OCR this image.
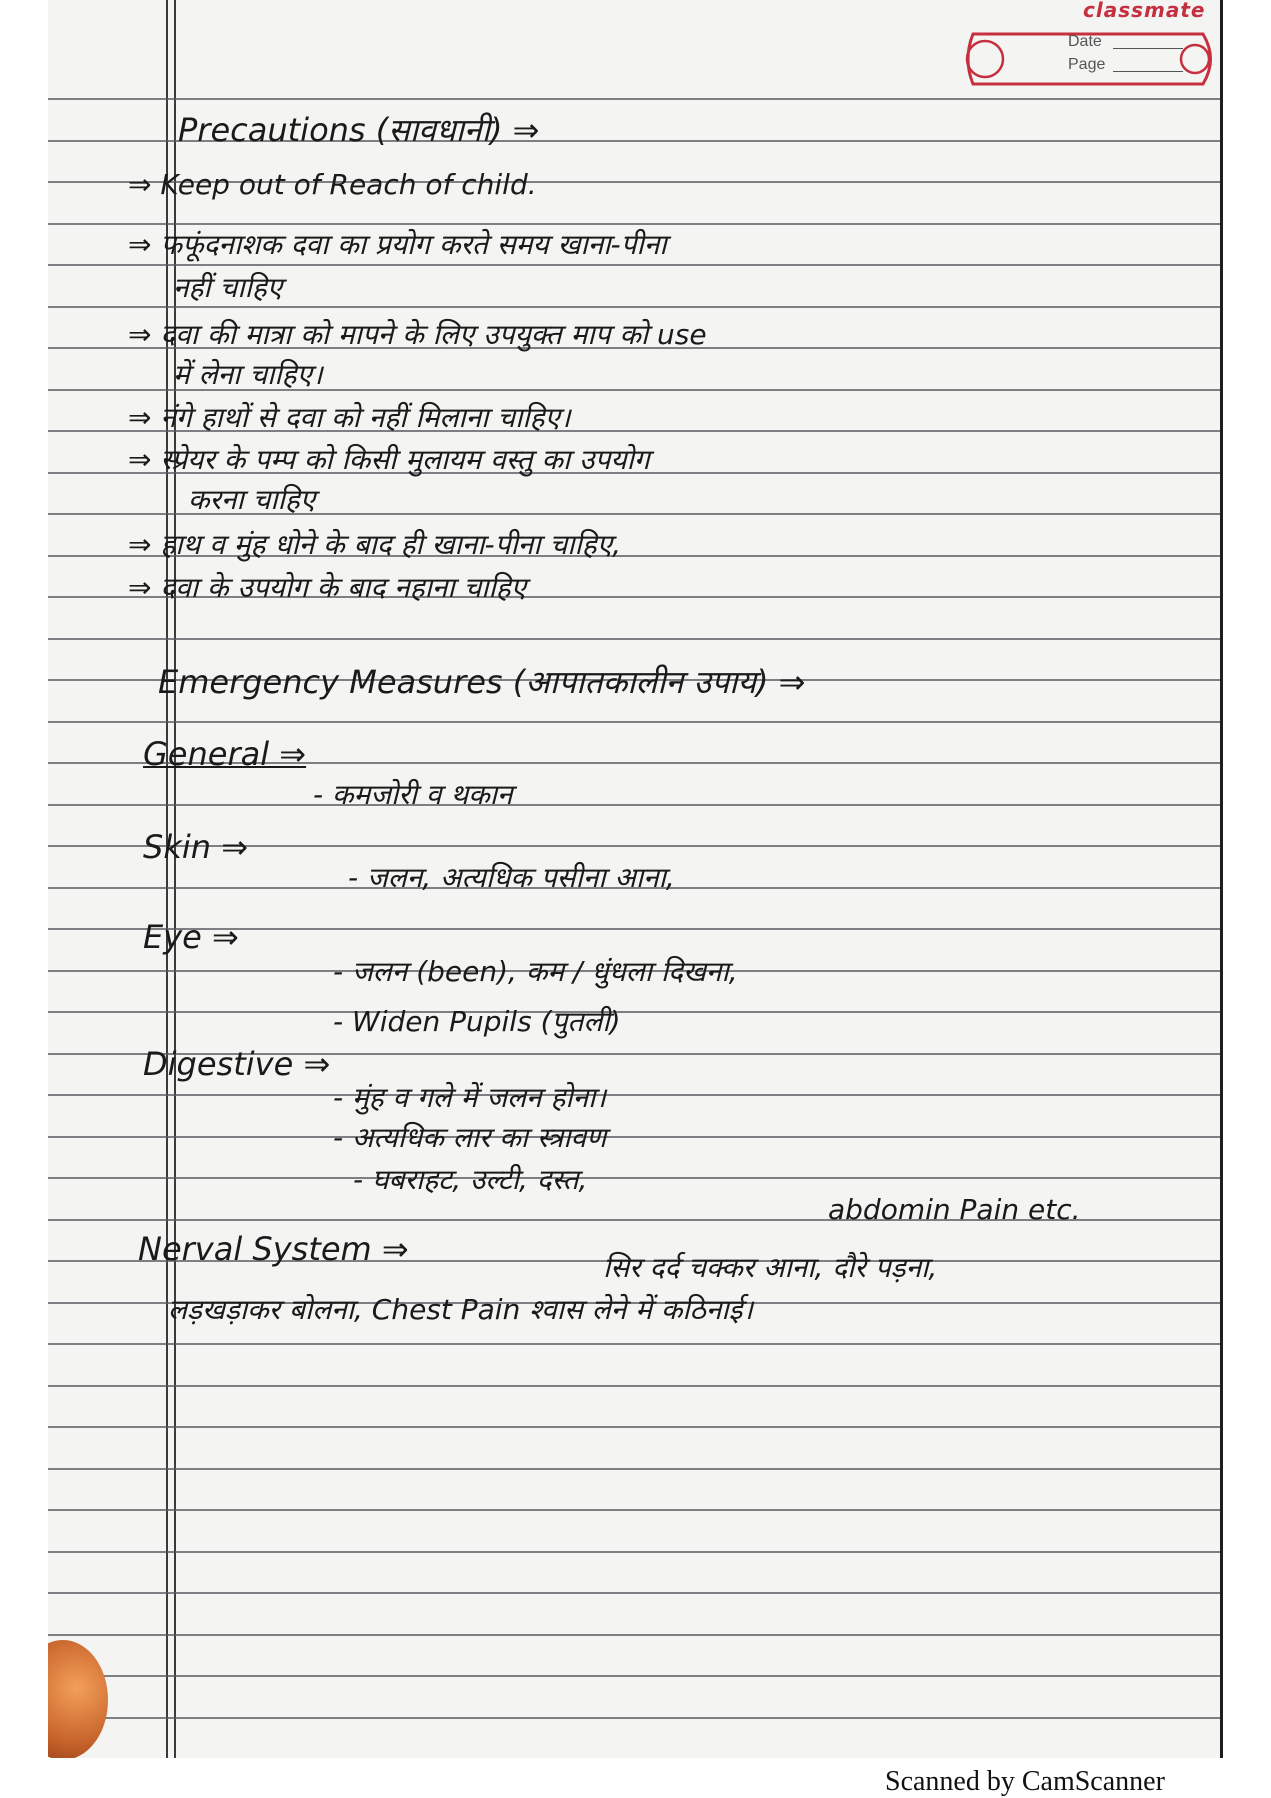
classmate
Date
Page
Precautions (सावधानी) ⇒
⇒ Keep out of Reach of child.
⇒ फफूंदनाशक दवा का प्रयोग करते समय खाना-पीना
नहीं चाहिए
⇒ दवा की मात्रा को मापने के लिए उपयुक्त माप को use
में लेना चाहिए।
⇒ नंगे हाथों से दवा को नहीं मिलाना चाहिए।
⇒ स्प्रेयर के पम्प को किसी मुलायम वस्तु का उपयोग
करना चाहिए
⇒ हाथ व मुंह धोने के बाद ही खाना-पीना चाहिए,
⇒ दवा के उपयोग के बाद नहाना चाहिए
Emergency Measures (आपातकालीन उपाय) ⇒
General ⇒
- कमजोरी व थकान
Skin ⇒
- जलन, अत्यधिक पसीना आना,
Eye ⇒
- जलन (been), कम / धुंधला दिखना,
- Widen Pupils (पुतली)
Digestive ⇒
- मुंह व गले में जलन होना।
- अत्यधिक लार का स्त्रावण
- घबराहट, उल्टी, दस्त,
abdomin Pain etc.
Nerval System ⇒	सिर दर्द चक्कर आना, दौरे पड़ना,
लड़खड़ाकर बोलना, Chest Pain श्वास लेने में कठिनाई।
Scanned by CamScanner
